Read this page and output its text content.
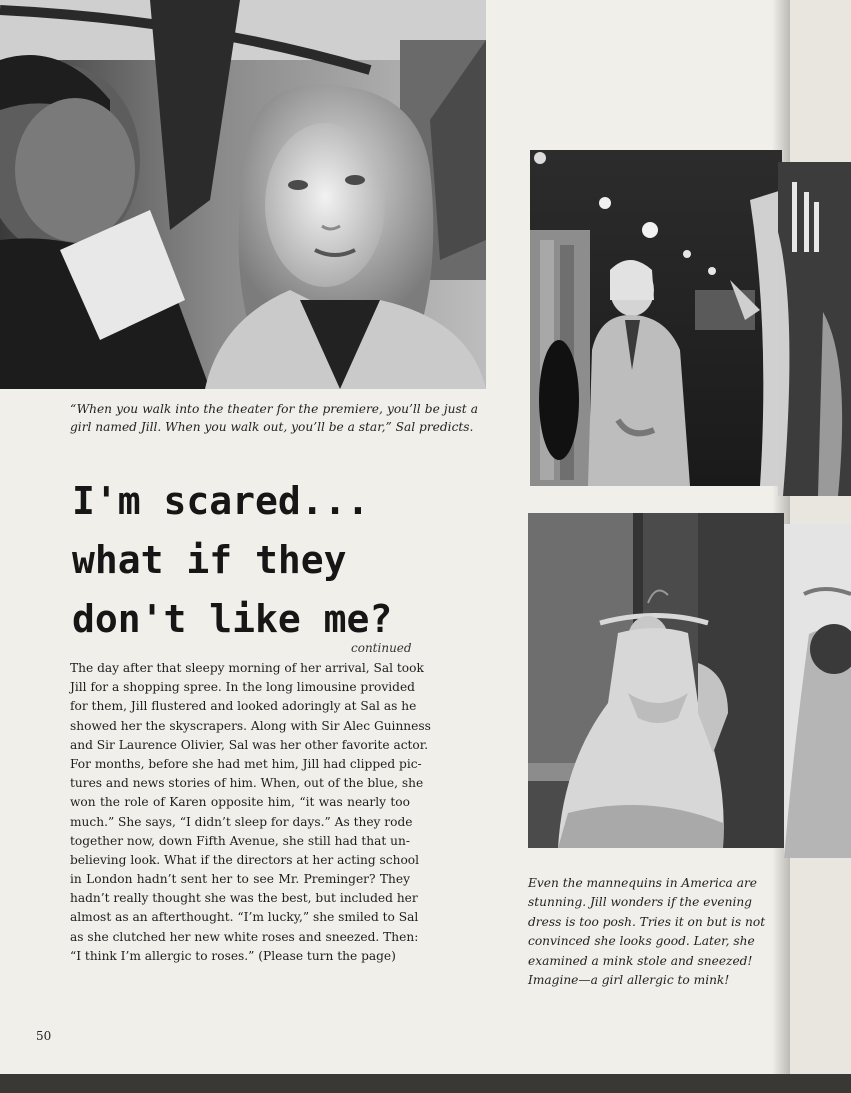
“When you walk into the theater for the premiere, you’ll be just a girl named Jill. When you walk out, you’ll be a star,” Sal predicts.
I'm scared...
what if they
don't like me?
continued
The day after that sleepy morning of her arrival, Sal took
Jill for a shopping spree. In the long limousine provided
for them, Jill flustered and looked adoringly at Sal as he
showed her the skyscrapers. Along with Sir Alec Guinness
and Sir Laurence Olivier, Sal was her other favorite actor.
For months, before she had met him, Jill had clipped pic-
tures and news stories of him. When, out of the blue, she
won the role of Karen opposite him, “it was nearly too
much.” She says, “I didn’t sleep for days.” As they rode
together now, down Fifth Avenue, she still had that un-
believing look. What if the directors at her acting school
in London hadn’t sent her to see Mr. Preminger? They
hadn’t really thought she was the best, but included her
almost as an afterthought. “I’m lucky,” she smiled to Sal
as she clutched her new white roses and sneezed. Then:
“I think I’m allergic to roses.” (Please turn the page)
Even the mannequins in America are
stunning. Jill wonders if the evening
dress is too posh. Tries it on but is not
convinced she looks good. Later, she
examined a mink stole and sneezed!
Imagine—a girl allergic to mink!
50
